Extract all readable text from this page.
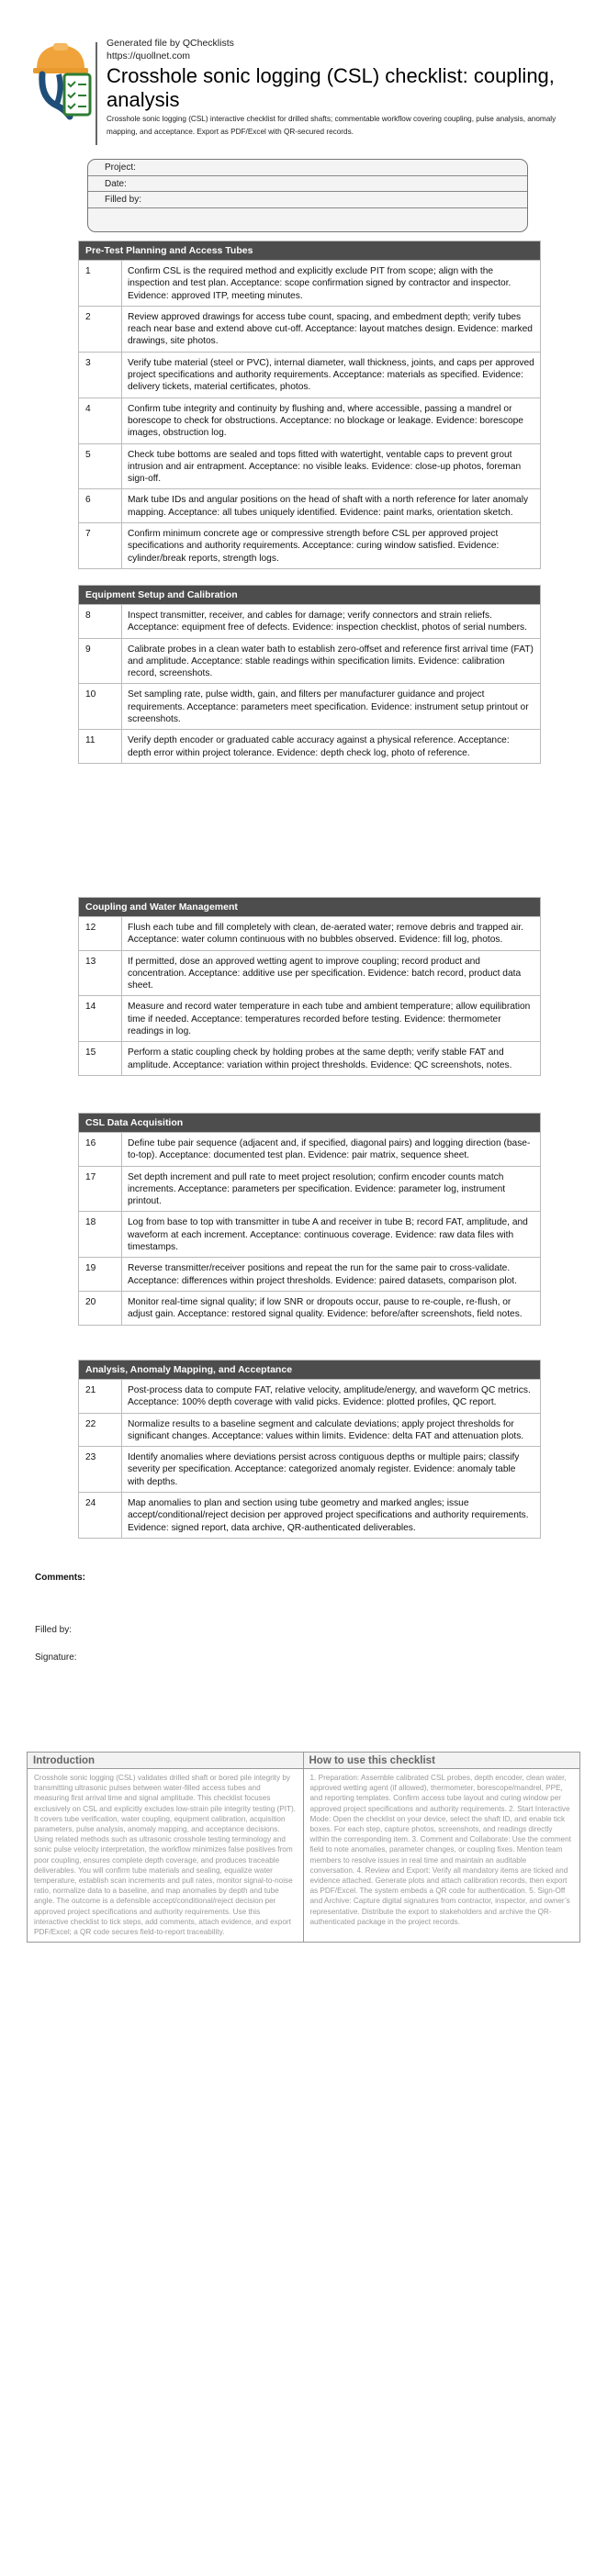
Generated file by QChecklists
https://quollnet.com
Crosshole sonic logging (CSL) checklist: coupling, analysis
Crosshole sonic logging (CSL) interactive checklist for drilled shafts; commentable workflow covering coupling, pulse analysis, anomaly mapping, and acceptance. Export as PDF/Excel with QR-secured records.
Project:
Date:
Filled by:
Pre-Test Planning and Access Tubes
1	Confirm CSL is the required method and explicitly exclude PIT from scope; align with the inspection and test plan. Acceptance: scope confirmation signed by contractor and inspector. Evidence: approved ITP, meeting minutes.
2	Review approved drawings for access tube count, spacing, and embedment depth; verify tubes reach near base and extend above cut-off. Acceptance: layout matches design. Evidence: marked drawings, site photos.
3	Verify tube material (steel or PVC), internal diameter, wall thickness, joints, and caps per approved project specifications and authority requirements. Acceptance: materials as specified. Evidence: delivery tickets, material certificates, photos.
4	Confirm tube integrity and continuity by flushing and, where accessible, passing a mandrel or borescope to check for obstructions. Acceptance: no blockage or leakage. Evidence: borescope images, obstruction log.
5	Check tube bottoms are sealed and tops fitted with watertight, ventable caps to prevent grout intrusion and air entrapment. Acceptance: no visible leaks. Evidence: close-up photos, foreman sign-off.
6	Mark tube IDs and angular positions on the head of shaft with a north reference for later anomaly mapping. Acceptance: all tubes uniquely identified. Evidence: paint marks, orientation sketch.
7	Confirm minimum concrete age or compressive strength before CSL per approved project specifications and authority requirements. Acceptance: curing window satisfied. Evidence: cylinder/break reports, strength logs.
Equipment Setup and Calibration
8	Inspect transmitter, receiver, and cables for damage; verify connectors and strain reliefs. Acceptance: equipment free of defects. Evidence: inspection checklist, photos of serial numbers.
9	Calibrate probes in a clean water bath to establish zero-offset and reference first arrival time (FAT) and amplitude. Acceptance: stable readings within specification limits. Evidence: calibration record, screenshots.
10	Set sampling rate, pulse width, gain, and filters per manufacturer guidance and project requirements. Acceptance: parameters meet specification. Evidence: instrument setup printout or screenshots.
11	Verify depth encoder or graduated cable accuracy against a physical reference. Acceptance: depth error within project tolerance. Evidence: depth check log, photo of reference.
Coupling and Water Management
12	Flush each tube and fill completely with clean, de-aerated water; remove debris and trapped air. Acceptance: water column continuous with no bubbles observed. Evidence: fill log, photos.
13	If permitted, dose an approved wetting agent to improve coupling; record product and concentration. Acceptance: additive use per specification. Evidence: batch record, product data sheet.
14	Measure and record water temperature in each tube and ambient temperature; allow equilibration time if needed. Acceptance: temperatures recorded before testing. Evidence: thermometer readings in log.
15	Perform a static coupling check by holding probes at the same depth; verify stable FAT and amplitude. Acceptance: variation within project thresholds. Evidence: QC screenshots, notes.
CSL Data Acquisition
16	Define tube pair sequence (adjacent and, if specified, diagonal pairs) and logging direction (base-to-top). Acceptance: documented test plan. Evidence: pair matrix, sequence sheet.
17	Set depth increment and pull rate to meet project resolution; confirm encoder counts match increments. Acceptance: parameters per specification. Evidence: parameter log, instrument printout.
18	Log from base to top with transmitter in tube A and receiver in tube B; record FAT, amplitude, and waveform at each increment. Acceptance: continuous coverage. Evidence: raw data files with timestamps.
19	Reverse transmitter/receiver positions and repeat the run for the same pair to cross-validate. Acceptance: differences within project thresholds. Evidence: paired datasets, comparison plot.
20	Monitor real-time signal quality; if low SNR or dropouts occur, pause to re-couple, re-flush, or adjust gain. Acceptance: restored signal quality. Evidence: before/after screenshots, field notes.
Analysis, Anomaly Mapping, and Acceptance
21	Post-process data to compute FAT, relative velocity, amplitude/energy, and waveform QC metrics. Acceptance: 100% depth coverage with valid picks. Evidence: plotted profiles, QC report.
22	Normalize results to a baseline segment and calculate deviations; apply project thresholds for significant changes. Acceptance: values within limits. Evidence: delta FAT and attenuation plots.
23	Identify anomalies where deviations persist across contiguous depths or multiple pairs; classify severity per specification. Acceptance: categorized anomaly register. Evidence: anomaly table with depths.
24	Map anomalies to plan and section using tube geometry and marked angles; issue accept/conditional/reject decision per approved project specifications and authority requirements. Evidence: signed report, data archive, QR-authenticated deliverables.
Comments:
Filled by:
Signature:
Introduction
Crosshole sonic logging (CSL) validates drilled shaft or bored pile integrity by transmitting ultrasonic pulses between water-filled access tubes and measuring first arrival time and signal amplitude. This checklist focuses exclusively on CSL and explicitly excludes low-strain pile integrity testing (PIT). It covers tube verification, water coupling, equipment calibration, acquisition parameters, pulse analysis, anomaly mapping, and acceptance decisions. Using related methods such as ultrasonic crosshole testing terminology and sonic pulse velocity interpretation, the workflow minimizes false positives from poor coupling, ensures complete depth coverage, and produces traceable deliverables. You will confirm tube materials and sealing, equalize water temperature, establish scan increments and pull rates, monitor signal-to-noise ratio, normalize data to a baseline, and map anomalies by depth and tube angle. The outcome is a defensible accept/conditional/reject decision per approved project specifications and authority requirements. Use this interactive checklist to tick steps, add comments, attach evidence, and export PDF/Excel; a QR code secures field-to-report traceability.
How to use this checklist
1. Preparation: Assemble calibrated CSL probes, depth encoder, clean water, approved wetting agent (if allowed), thermometer, borescope/mandrel, PPE, and reporting templates. Confirm access tube layout and curing window per approved project specifications and authority requirements. 2. Start Interactive Mode: Open the checklist on your device, select the shaft ID, and enable tick boxes. For each step, capture photos, screenshots, and readings directly within the corresponding item. 3. Comment and Collaborate: Use the comment field to note anomalies, parameter changes, or coupling fixes. Mention team members to resolve issues in real time and maintain an auditable conversation. 4. Review and Export: Verify all mandatory items are ticked and evidence attached. Generate plots and attach calibration records, then export as PDF/Excel. The system embeds a QR code for authentication. 5. Sign-Off and Archive: Capture digital signatures from contractor, inspector, and owner’s representative. Distribute the export to stakeholders and archive the QR-authenticated package in the project records.
